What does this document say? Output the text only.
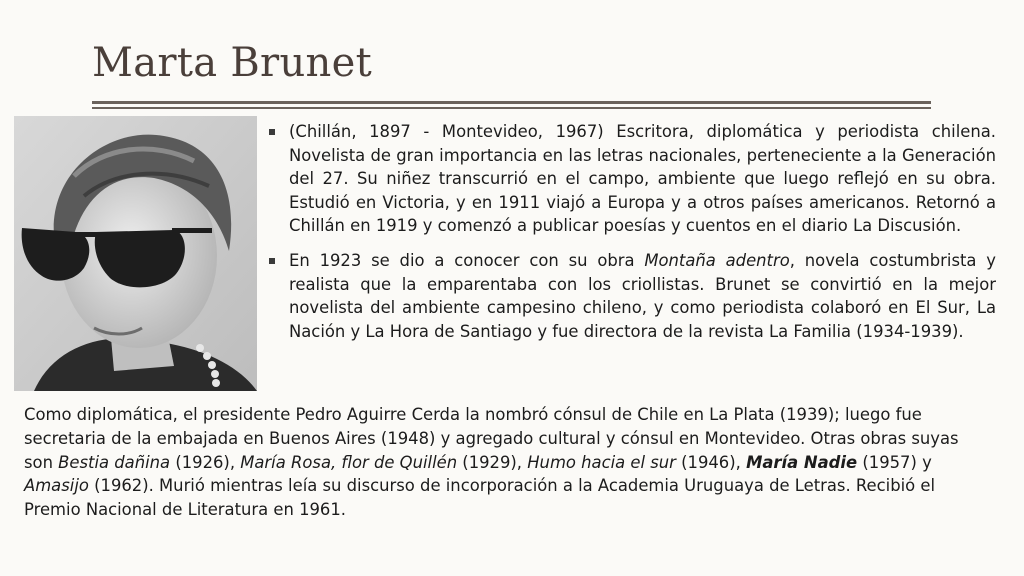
Marta Brunet

(Chillán, 1897 - Montevideo, 1967) Escritora, diplomática y periodista chilena. Novelista de gran importancia en las letras nacionales, perteneciente a la Generación del 27. Su niñez transcurrió en el campo, ambiente que luego reflejó en su obra. Estudió en Victoria, y en 1911 viajó a Europa y a otros países americanos. Retornó a Chillán en 1919 y comenzó a publicar poesías y cuentos en el diario La Discusión.

En 1923 se dio a conocer con su obra Montaña adentro, novela costumbrista y realista que la emparentaba con los criollistas. Brunet se convirtió en la mejor novelista del ambiente campesino chileno, y como periodista colaboró en El Sur, La Nación y La Hora de Santiago y fue directora de la revista La Familia (1934-1939).

Como diplomática, el presidente Pedro Aguirre Cerda la nombró cónsul de Chile en La Plata (1939); luego fue secretaria de la embajada en Buenos Aires (1948) y agregado cultural y cónsul en Montevideo. Otras obras suyas son Bestia dañina (1926), María Rosa, flor de Quillén (1929), Humo hacia el sur (1946), María Nadie (1957) y Amasijo (1962). Murió mientras leía su discurso de incorporación a la Academia Uruguaya de Letras. Recibió el Premio Nacional de Literatura en 1961.
